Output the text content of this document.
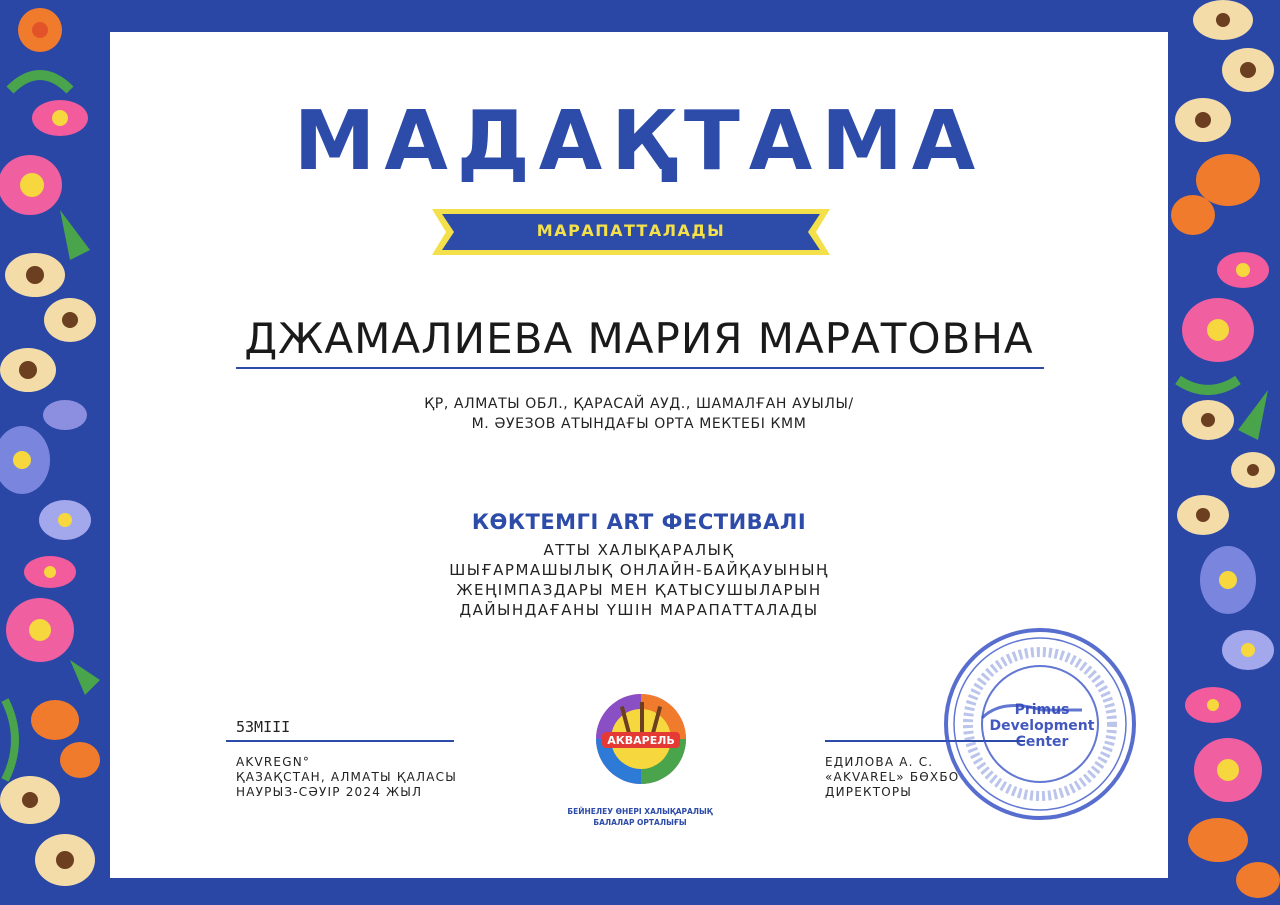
МАДАҚТАМА
МАРАПАТТАЛАДЫ
ДЖАМАЛИЕВА МАРИЯ МАРАТОВНА
ҚР, АЛМАТЫ ОБЛ., ҚАРАСАЙ АУД., ШАМАЛҒАН АУЫЛЫ/
М. ӘУЕЗОВ АТЫНДАҒЫ ОРТА МЕКТЕБІ КММ
КӨКТЕМГІ ART ФЕСТИВАЛІ
АТТЫ ХАЛЫҚАРАЛЫҚ
ШЫҒАРМАШЫЛЫҚ ОНЛАЙН-БАЙҚАУЫНЫҢ
ЖЕҢІМПАЗДАРЫ МЕН ҚАТЫСУШЫЛАРЫН
ДАЙЫНДАҒАНЫ ҮШІН МАРАПАТТАЛАДЫ
53MIII
AKVREGN°
ҚАЗАҚСТАН, АЛМАТЫ ҚАЛАСЫ
НАУРЫЗ-СӘУІР 2024 ЖЫЛ
АКВАРЕЛЬ
БЕЙНЕЛЕУ ӨНЕРІ ХАЛЫҚАРАЛЫҚ
БАЛАЛАР ОРТАЛЫҒЫ
ЕДИЛОВА А. С.
«AKVAREL» БӨХБО
ДИРЕКТОРЫ
Primus
Development
Center
